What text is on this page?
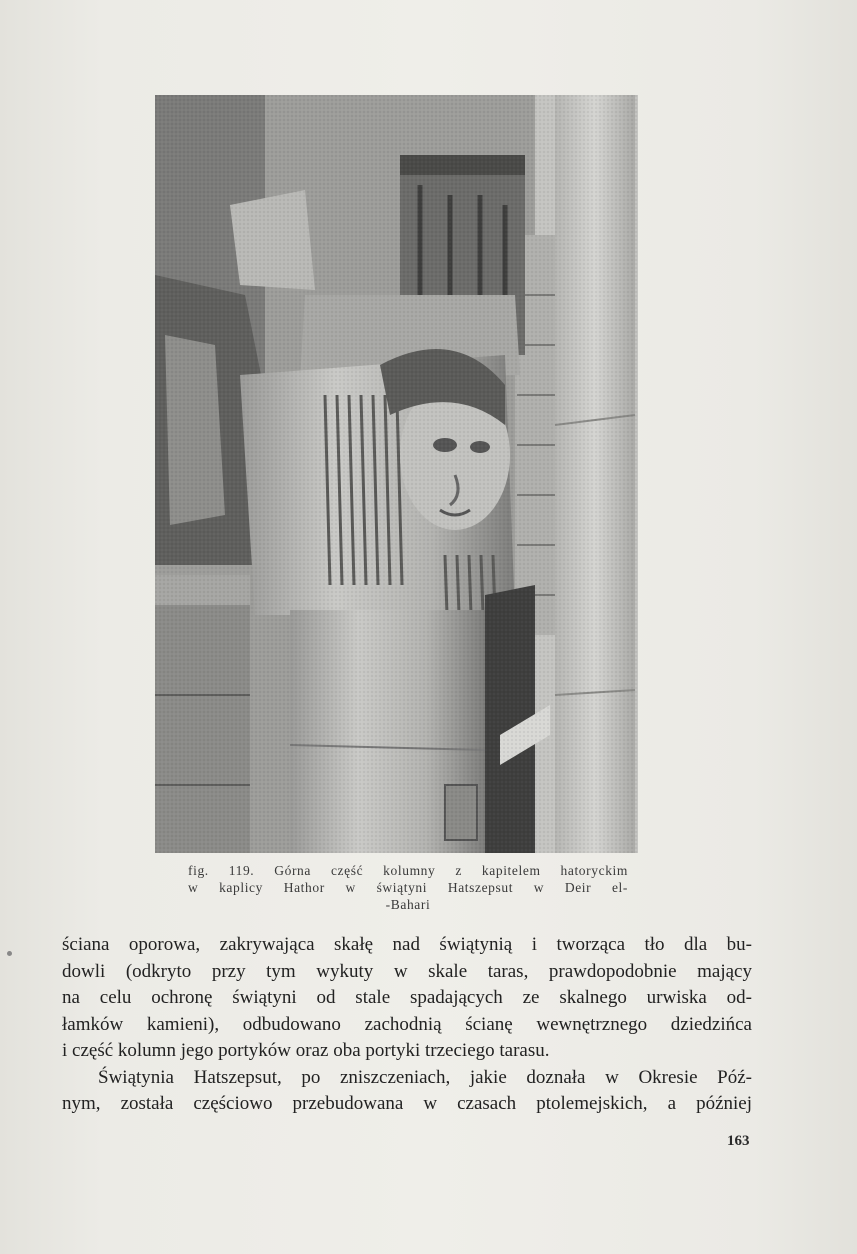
fig. 119. Górna część kolumny z kapitelem hatoryckim
w kaplicy Hathor w świątyni Hatszepsut w Deir el-
-Bahari
ściana oporowa, zakrywająca skałę nad świątynią i tworząca tło dla bu-
dowli (odkryto przy tym wykuty w skale taras, prawdopodobnie mający
na celu ochronę świątyni od stale spadających ze skalnego urwiska od-
łamków kamieni), odbudowano zachodnią ścianę wewnętrznego dziedzińca
i część kolumn jego portyków oraz oba portyki trzeciego tarasu.
Świątynia Hatszepsut, po zniszczeniach, jakie doznała w Okresie Póź-
nym, została częściowo przebudowana w czasach ptolemejskich, a później
163
